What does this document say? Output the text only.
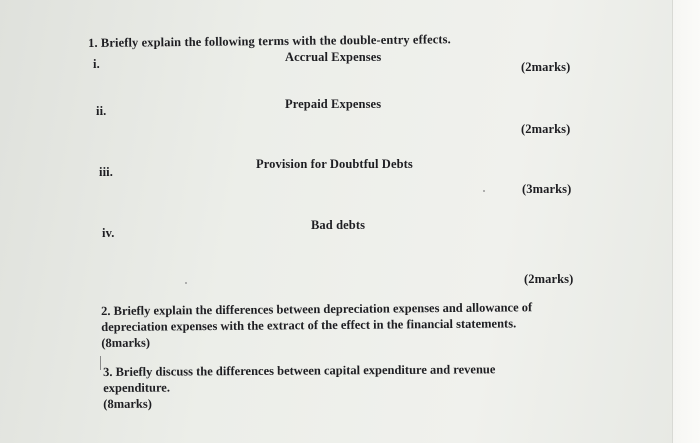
1. Briefly explain the following terms with the double-entry effects.
i.	Accrual Expenses
(2marks)
ii.	Prepaid Expenses
(2marks)
iii.
Provision for Doubtful Debts
(3marks)
iv.
Bad debts
(2marks)
2. Briefly explain the differences between depreciation expenses and allowance of
depreciation expenses with the extract of the effect in the financial statements.
(8marks)
3. Briefly discuss the differences between capital expenditure and revenue
expenditure.
(8marks)
